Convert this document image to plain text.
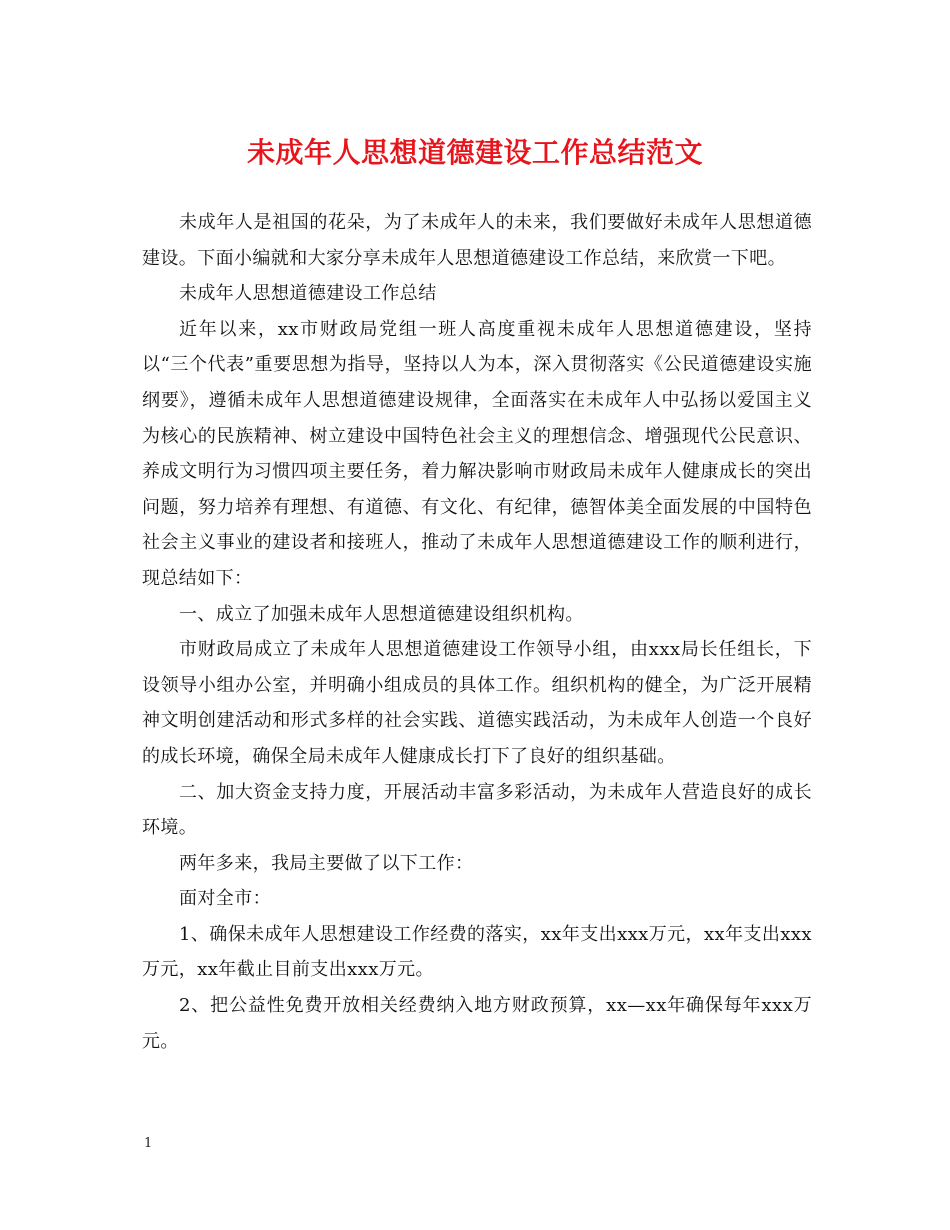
未成年人思想道德建设工作总结范文

未成年人是祖国的花朵，为了未成年人的未来，我们要做好未成年人思想道德建设。下面小编就和大家分享未成年人思想道德建设工作总结，来欣赏一下吧。

未成年人思想道德建设工作总结

近年以来，xx市财政局党组一班人高度重视未成年人思想道德建设，坚持以“三个代表”重要思想为指导，坚持以人为本，深入贯彻落实《公民道德建设实施纲要》，遵循未成年人思想道德建设规律，全面落实在未成年人中弘扬以爱国主义为核心的民族精神、树立建设中国特色社会主义的理想信念、增强现代公民意识、养成文明行为习惯四项主要任务，着力解决影响市财政局未成年人健康成长的突出问题，努力培养有理想、有道德、有文化、有纪律，德智体美全面发展的中国特色社会主义事业的建设者和接班人，推动了未成年人思想道德建设工作的顺利进行，现总结如下：

一、成立了加强未成年人思想道德建设组织机构。

市财政局成立了未成年人思想道德建设工作领导小组，由xxx局长任组长，下设领导小组办公室，并明确小组成员的具体工作。组织机构的健全，为广泛开展精神文明创建活动和形式多样的社会实践、道德实践活动，为未成年人创造一个良好的成长环境，确保全局未成年人健康成长打下了良好的组织基础。

二、加大资金支持力度，开展活动丰富多彩活动，为未成年人营造良好的成长环境。

两年多来，我局主要做了以下工作：

面对全市：

1、确保未成年人思想建设工作经费的落实，xx年支出xxx万元，xx年支出xxx万元，xx年截止目前支出xxx万元。

2、把公益性免费开放相关经费纳入地方财政预算，xx—xx年确保每年xxx万元。

1
